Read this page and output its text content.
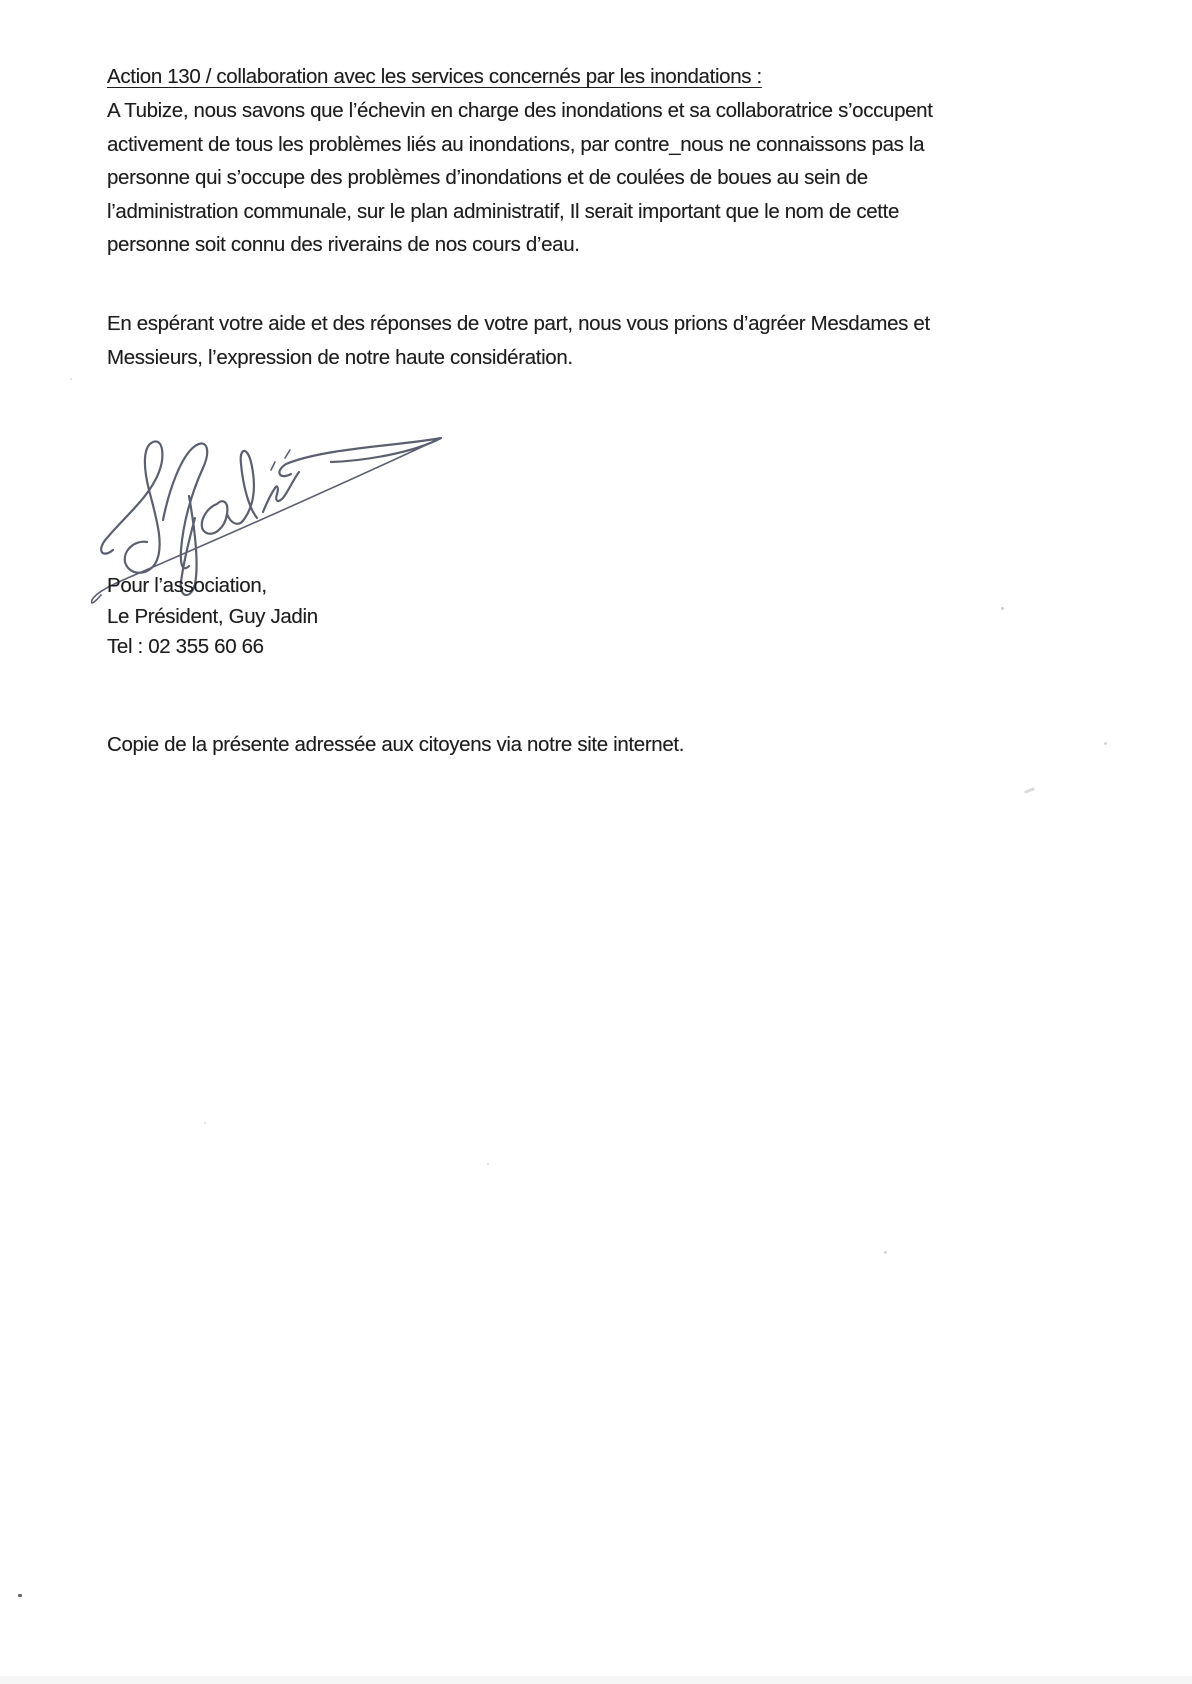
Action 130 / collaboration avec les services concernés par les inondations :
A Tubize, nous savons que l’échevin en charge des inondations et sa collaboratrice s’occupent
activement de tous les problèmes liés au inondations, par contre_nous ne connaissons pas la
personne qui s’occupe des problèmes d’inondations et de coulées de boues au sein de
l’administration communale, sur le plan administratif, Il serait important que le nom de cette
personne soit connu des riverains de nos cours d’eau.
En espérant votre aide et des réponses de votre part, nous vous prions d’agréer Mesdames et
Messieurs, l’expression de notre haute considération.
Pour l’association,
Le Président, Guy Jadin
Tel : 02 355 60 66
Copie de la présente adressée aux citoyens via notre site internet.
